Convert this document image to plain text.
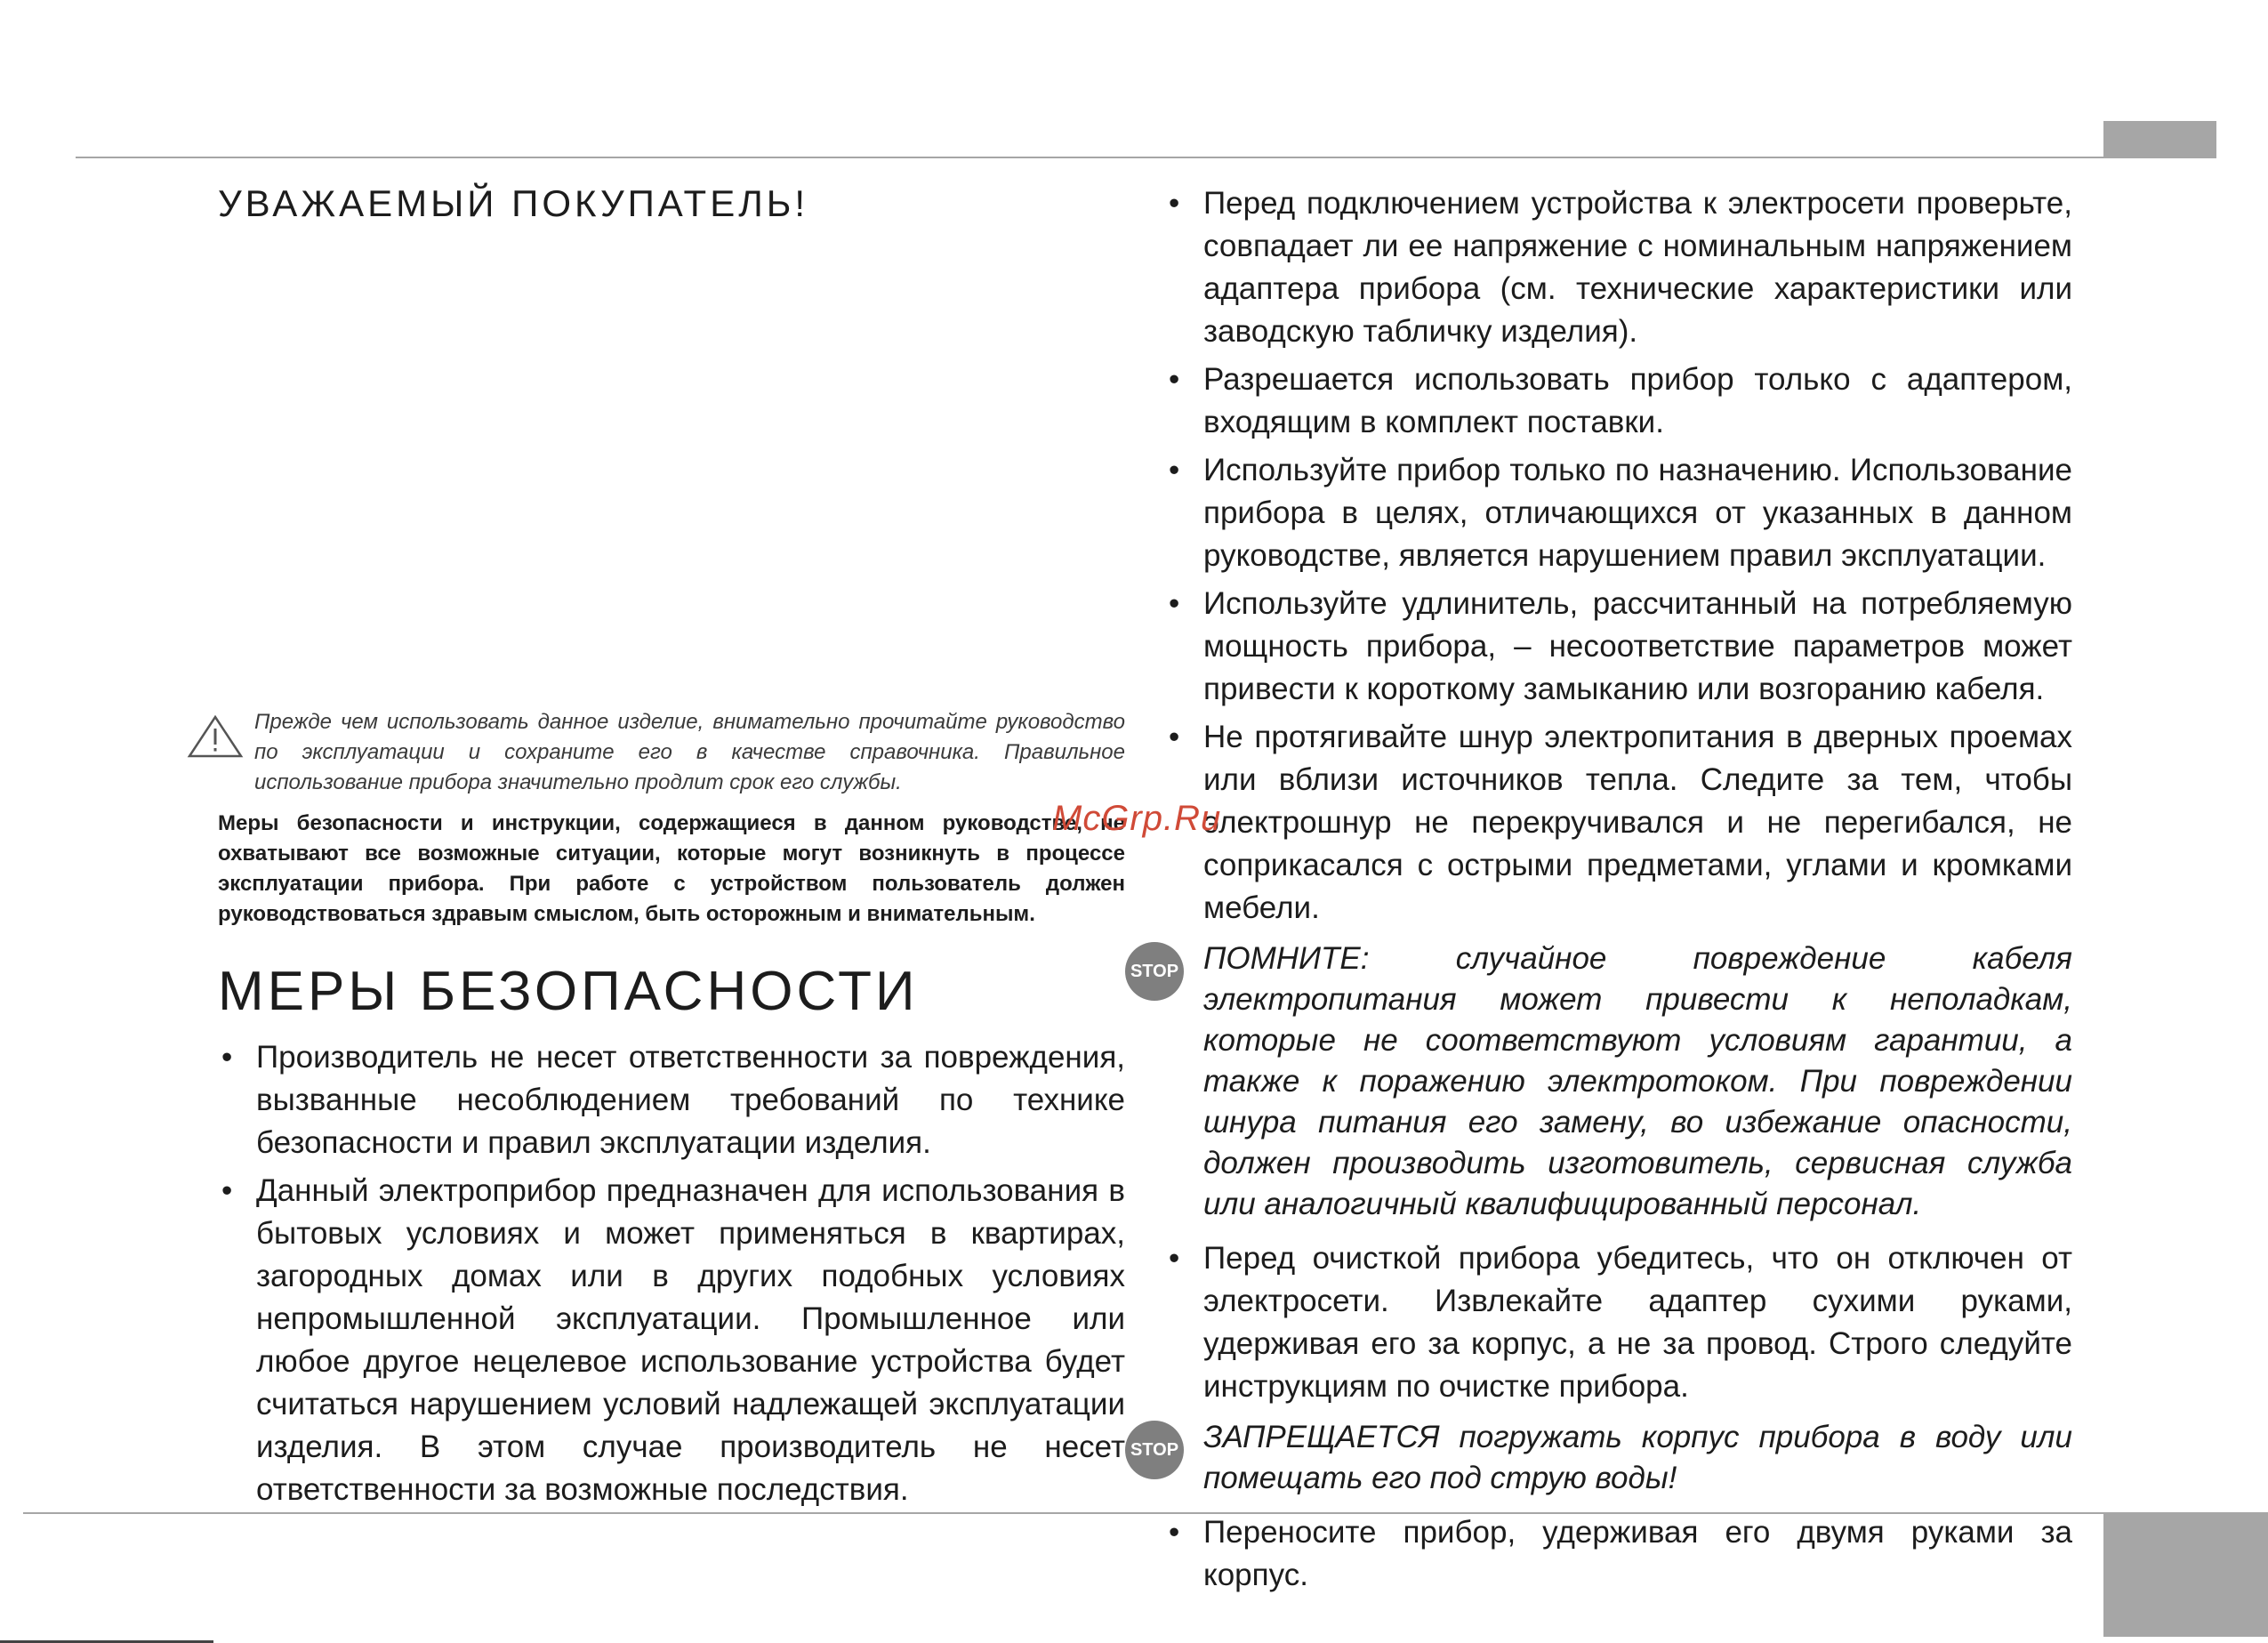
УВАЖАЕМЫЙ ПОКУПАТЕЛЬ!

Прежде чем использовать данное изделие, внимательно прочитайте руководство по эксплуатации и сохраните его в качестве справочника. Правильное использование прибора значительно продлит срок его службы.

Меры безопасности и инструкции, содержащиеся в данном руководстве, не охватывают все возможные ситуации, которые могут возникнуть в процессе эксплуатации прибора. При работе с устройством пользователь должен руководствоваться здравым смыслом, быть осторожным и внимательным.

МЕРЫ БЕЗОПАСНОСТИ
• Производитель не несет ответственности за повреждения, вызванные несоблюдением требований по технике безопасности и правил эксплуатации изделия.
• Данный электроприбор предназначен для использования в бытовых условиях и может применяться в квартирах, загородных домах или в других подобных условиях непромышленной эксплуатации. Промышленное или любое другое нецелевое использование устройства будет считаться нарушением условий надлежащей эксплуатации изделия. В этом случае производитель не несет ответственности за возможные последствия.
• Перед подключением устройства к электросети проверьте, совпадает ли ее напряжение с номинальным напряжением адаптера прибора (см. технические характеристики или заводскую табличку изделия).
• Разрешается использовать прибор только с адаптером, входящим в комплект поставки.
• Используйте прибор только по назначению. Использование прибора в целях, отличающихся от указанных в данном руководстве, является нарушением правил эксплуатации.
• Используйте удлинитель, рассчитанный на потребляемую мощность прибора, – несоответствие параметров может привести к короткому замыканию или возгоранию кабеля.
• Не протягивайте шнур электропитания в дверных проемах или вблизи источников тепла. Следите за тем, чтобы электрошнур не перекручивался и не перегибался, не соприкасался с острыми предметами, углами и кромками мебели.
STOP ПОМНИТЕ: случайное повреждение кабеля электропитания может привести к неполадкам, которые не соответствуют условиям гарантии, а также к поражению электротоком. При повреждении шнура питания его замену, во избежание опасности, должен производить изготовитель, сервисная служба или аналогичный квалифицированный персонал.
• Перед очисткой прибора убедитесь, что он отключен от электросети. Извлекайте адаптер сухими руками, удерживая его за корпус, а не за провод. Строго следуйте инструкциям по очистке прибора.
STOP ЗАПРЕЩАЕТСЯ погружать корпус прибора в воду или помещать его под струю воды!
• Переносите прибор, удерживая его двумя руками за корпус.
McGrp.Ru
